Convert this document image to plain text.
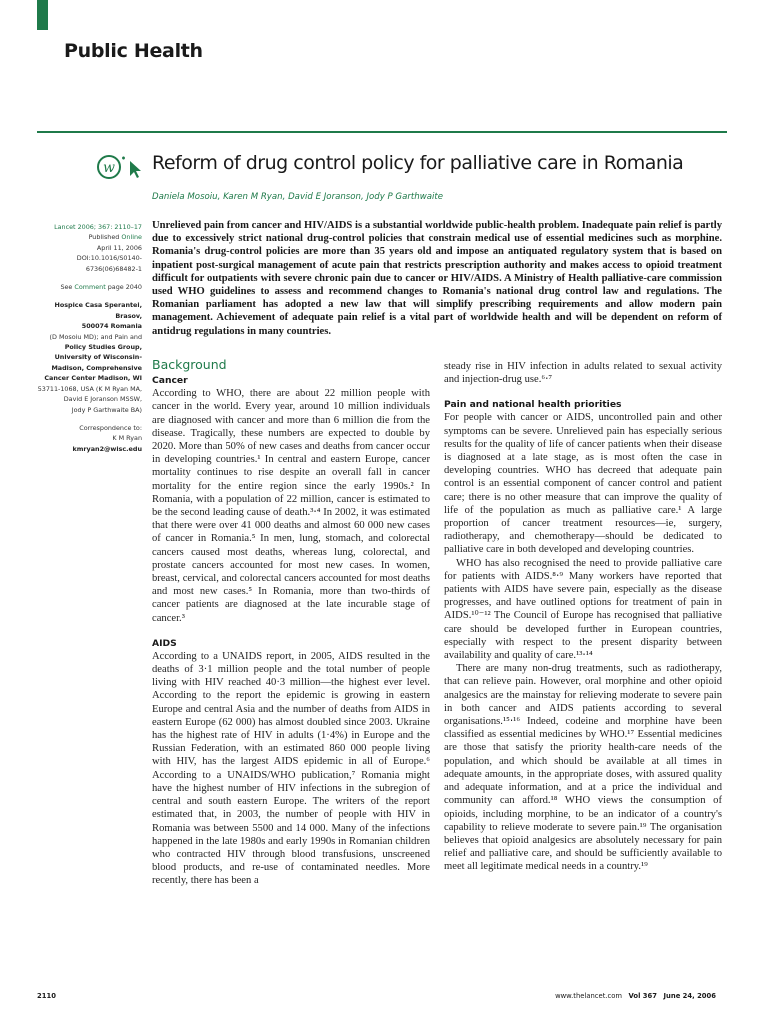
Public Health
w Reform of drug control policy for palliative care in Romania
Daniela Mosoiu, Karen M Ryan, David E Joranson, Jody P Garthwaite
Lancet 2006; 367: 2110–17
Published Online
April 11, 2006
DOI:10.1016/S0140-
6736(06)68482-1
See Comment page 2040
Hospice Casa Sperantei, Brasov,
500074 Romania
(D Mosoiu MD); and Pain and
Policy Studies Group,
University of Wisconsin-
Madison, Comprehensive
Cancer Center Madison, WI
53711-1068, USA (K M Ryan MA,
David E Joranson MSSW,
Jody P Garthwaite BA)
Correspondence to:
K M Ryan
kmryan2@wisc.edu
Unrelieved pain from cancer and HIV/AIDS is a substantial worldwide public-health problem. Inadequate pain relief is partly due to excessively strict national drug-control policies that constrain medical use of essential medicines such as morphine. Romania's drug-control policies are more than 35 years old and impose an antiquated regulatory system that is based on inpatient post-surgical management of acute pain that restricts prescription authority and makes access to opioid treatment difficult for outpatients with severe chronic pain due to cancer or HIV/AIDS. A Ministry of Health palliative-care commission used WHO guidelines to assess and recommend changes to Romania's national drug control law and regulations. The Romanian parliament has adopted a new law that will simplify prescribing requirements and allow modern pain management. Achievement of adequate pain relief is a vital part of worldwide health and will be dependent on reform of antidrug regulations in many countries.
Background
Cancer

According to WHO, there are about 22 million people with cancer in the world. Every year, around 10 million individuals are diagnosed with cancer and more than 6 million die from the disease. Tragically, these numbers are expected to double by 2020. More than 50% of new cases and deaths from cancer occur in developing countries.¹ In central and eastern Europe, cancer mortality continues to rise despite an overall fall in cancer mortality for the entire region since the early 1990s.² In Romania, with a population of 22 million, cancer is estimated to be the second leading cause of death.³⋅⁴ In 2002, it was estimated that there were over 41 000 deaths and almost 60 000 new cases of cancer in Romania.⁵ In men, lung, stomach, and colorectal cancers caused most deaths, whereas lung, colorectal, and prostate cancers accounted for most new cases. In women, breast, cervical, and colorectal cancers accounted for most deaths and most new cases.⁵ In Romania, more than two-thirds of cancer patients are diagnosed at the late incurable stage of cancer.³

AIDS

According to a UNAIDS report, in 2005, AIDS resulted in the deaths of 3·1 million people and the total number of people living with HIV reached 40·3 million—the highest ever level. According to the report the epidemic is growing in eastern Europe and central Asia and the number of deaths from AIDS in eastern Europe (62 000) has almost doubled since 2003. Ukraine has the highest rate of HIV in adults (1·4%) in Europe and the Russian Federation, with an estimated 860 000 people living with HIV, has the largest AIDS epidemic in all of Europe.⁶ According to a UNAIDS/WHO publication,⁷ Romania might have the highest number of HIV infections in the subregion of central and south eastern Europe. The writers of the report estimated that, in 2003, the number of people with HIV in Romania was between 5500 and 14 000. Many of the infections happened in the late 1980s and early 1990s in Romanian children who contracted HIV through blood transfusions, unscreened blood products, and re-use of contaminated needles. More recently, there has been a

steady rise in HIV infection in adults related to sexual activity and injection-drug use.⁶⋅⁷

Pain and national health priorities

For people with cancer or AIDS, uncontrolled pain and other symptoms can be severe. Unrelieved pain has especially serious results for the quality of life of cancer patients when their disease is diagnosed at a late stage, as is most often the case in developing countries. WHO has decreed that adequate pain control is an essential component of cancer control and patient care; there is no other measure that can improve the quality of life of the population as much as palliative care.¹ A large proportion of cancer treatment resources—ie, surgery, radiotherapy, and chemotherapy—should be dedicated to palliative care in both developed and developing countries.

WHO has also recognised the need to provide palliative care for patients with AIDS.⁸⋅⁹ Many workers have reported that patients with AIDS have severe pain, especially as the disease progresses, and have outlined options for treatment of pain in AIDS.¹⁰⁻¹² The Council of Europe has recognised that palliative care should be developed further in European countries, especially with respect to the present disparity between availability and quality of care.¹³⋅¹⁴

There are many non-drug treatments, such as radiotherapy, that can relieve pain. However, oral morphine and other opioid analgesics are the mainstay for relieving moderate to severe pain in both cancer and AIDS patients according to several organisations.¹⁵⋅¹⁶ Indeed, codeine and morphine have been classified as essential medicines by WHO.¹⁷ Essential medicines are those that satisfy the priority health-care needs of the population, and which should be available at all times in adequate amounts, in the appropriate doses, with assured quality and adequate information, and at a price the individual and community can afford.¹⁸ WHO views the consumption of opioids, including morphine, to be an indicator of a country's capability to relieve moderate to severe pain.¹⁹ The organisation believes that opioid analgesics are absolutely necessary for pain relief and palliative care, and should be sufficiently available to meet all legitimate medical needs in a country.¹⁹

2110	www.thelancet.com Vol 367 June 24, 2006
